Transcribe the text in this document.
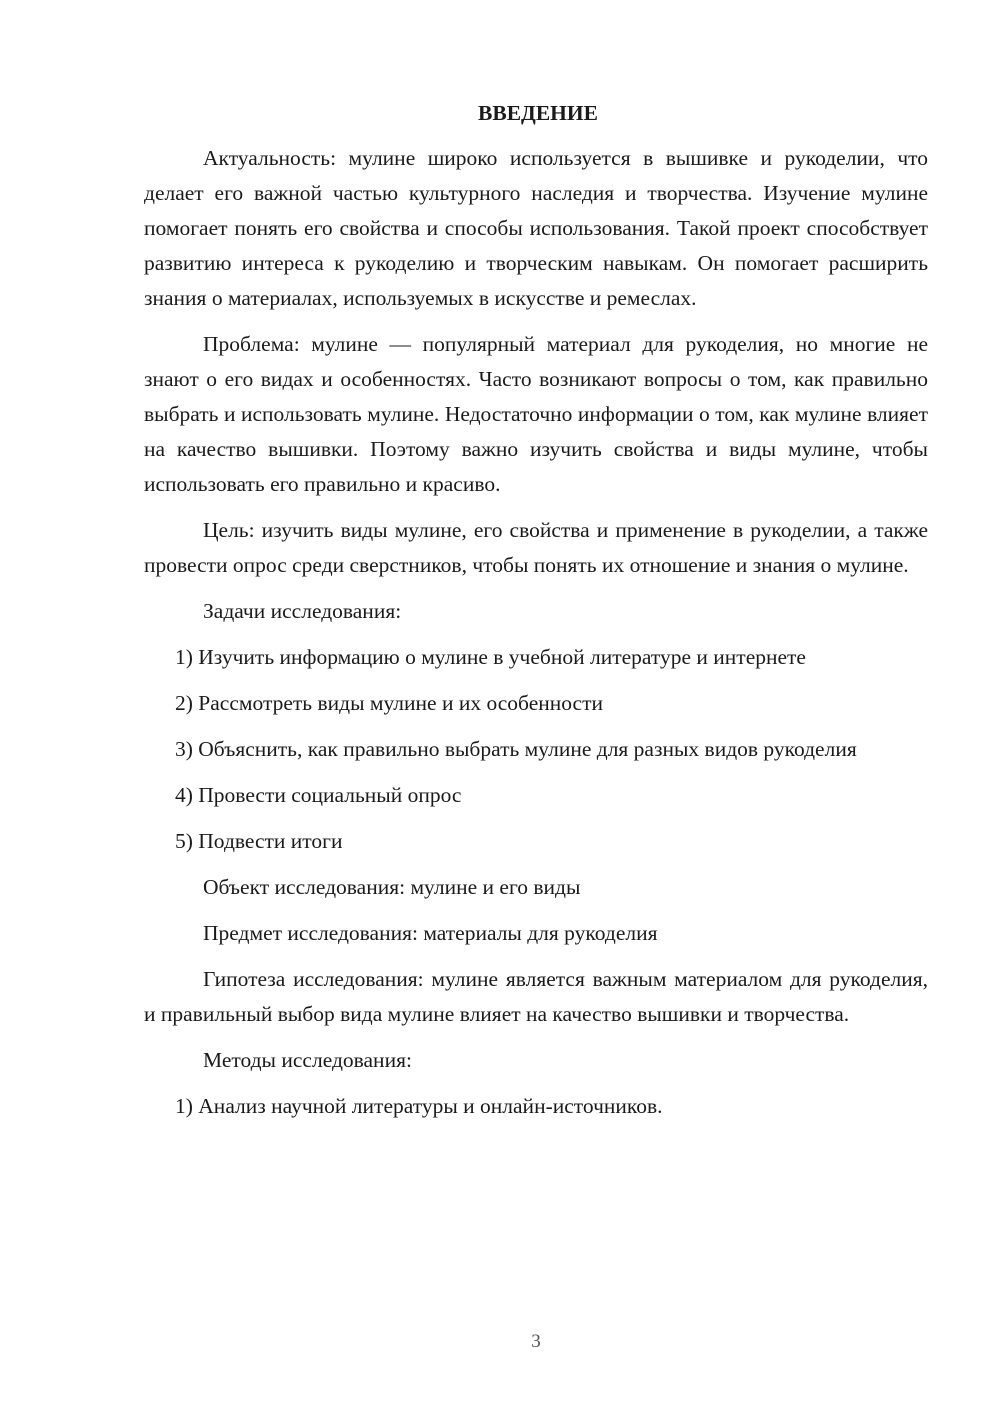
ВВЕДЕНИЕ

Актуальность: мулине широко используется в вышивке и рукоделии, что делает его важной частью культурного наследия и творчества. Изучение мулине помогает понять его свойства и способы использования. Такой проект способствует развитию интереса к рукоделию и творческим навыкам. Он помогает расширить знания о материалах, используемых в искусстве и ремеслах.

Проблема: мулине — популярный материал для рукоделия, но многие не знают о его видах и особенностях. Часто возникают вопросы о том, как правильно выбрать и использовать мулине. Недостаточно информации о том, как мулине влияет на качество вышивки. Поэтому важно изучить свойства и виды мулине, чтобы использовать его правильно и красиво.

Цель: изучить виды мулине, его свойства и применение в рукоделии, а также провести опрос среди сверстников, чтобы понять их отношение и знания о мулине.

Задачи исследования:

1) Изучить информацию о мулине в учебной литературе и интернете

2) Рассмотреть виды мулине и их особенности

3) Объяснить, как правильно выбрать мулине для разных видов рукоделия

4) Провести социальный опрос

5) Подвести итоги

Объект исследования: мулине и его виды

Предмет исследования: материалы для рукоделия

Гипотеза исследования: мулине является важным материалом для рукоделия, и правильный выбор вида мулине влияет на качество вышивки и творчества.

Методы исследования:

1) Анализ научной литературы и онлайн-источников.

3
